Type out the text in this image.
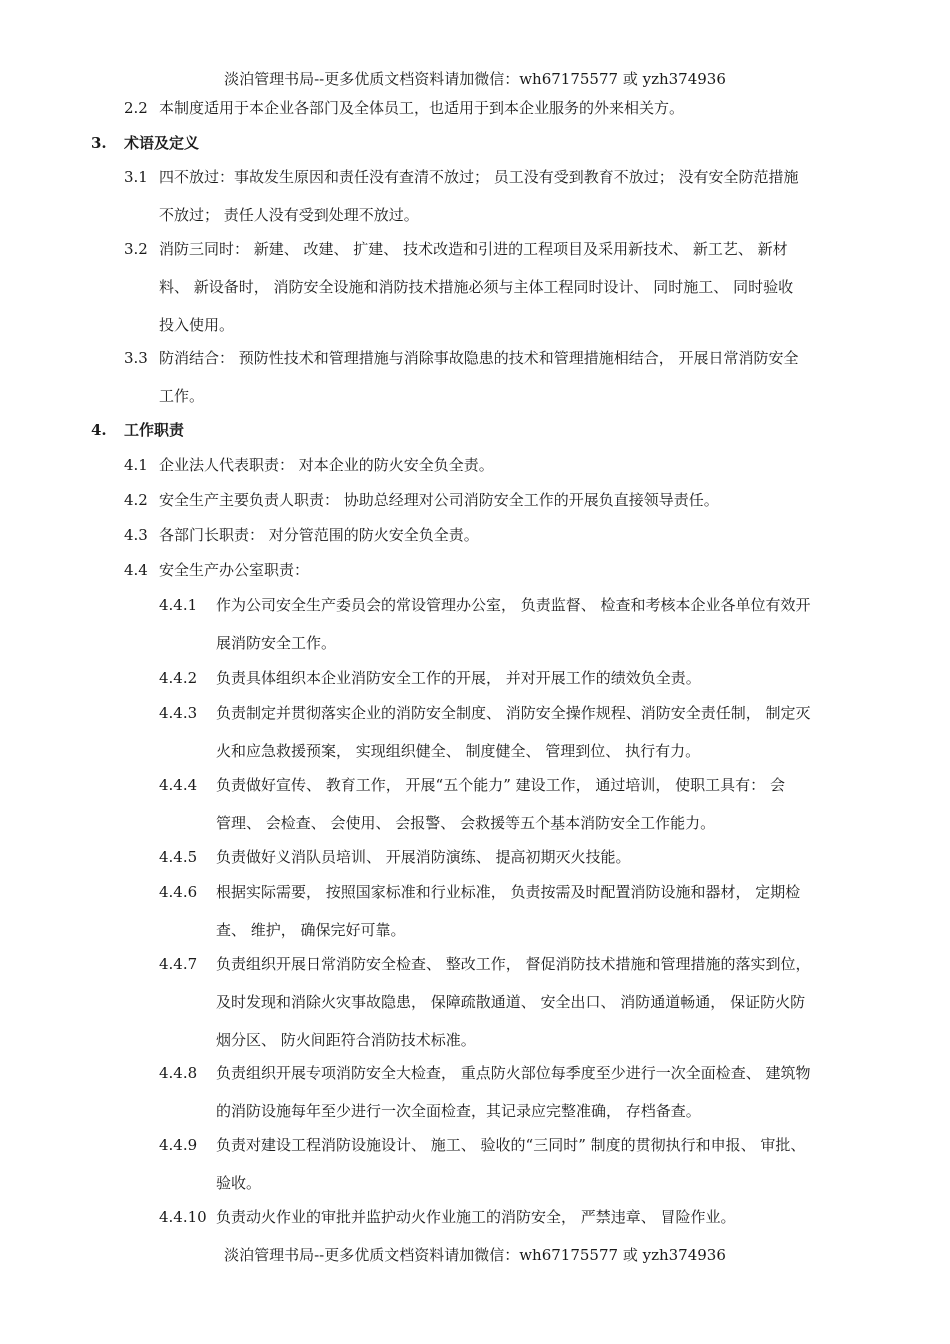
淡泊管理书局--更多优质文档资料请加微信：wh67175577 或 yzh374936
2.2 本制度适用于本企业各部门及全体员工，也适用于到本企业服务的外来相关方。
3. 术语及定义
3.1 四不放过：事故发生原因和责任没有查清不放过； 员工没有受到教育不放过； 没有安全防范措施
不放过； 责任人没有受到处理不放过。
3.2 消防三同时： 新建、 改建、 扩建、 技术改造和引进的工程项目及采用新技术、 新工艺、 新材
料、 新设备时， 消防安全设施和消防技术措施必须与主体工程同时设计、 同时施工、 同时验收
投入使用。
3.3 防消结合： 预防性技术和管理措施与消除事故隐患的技术和管理措施相结合， 开展日常消防安全
工作。
4. 工作职责
4.1 企业法人代表职责： 对本企业的防火安全负全责。
4.2 安全生产主要负责人职责： 协助总经理对公司消防安全工作的开展负直接领导责任。
4.3 各部门长职责： 对分管范围的防火安全负全责。
4.4 安全生产办公室职责：
4.4.1 作为公司安全生产委员会的常设管理办公室， 负责监督、 检查和考核本企业各单位有效开
展消防安全工作。
4.4.2 负责具体组织本企业消防安全工作的开展， 并对开展工作的绩效负全责。
4.4.3 负责制定并贯彻落实企业的消防安全制度、 消防安全操作规程、消防安全责任制， 制定灭
火和应急救援预案， 实现组织健全、 制度健全、 管理到位、 执行有力。
4.4.4 负责做好宣传、 教育工作， 开展“五个能力” 建设工作， 通过培训， 使职工具有： 会
管理、 会检查、 会使用、 会报警、 会救援等五个基本消防安全工作能力。
4.4.5 负责做好义消队员培训、 开展消防演练、 提高初期灭火技能。
4.4.6 根据实际需要， 按照国家标准和行业标准， 负责按需及时配置消防设施和器材， 定期检
查、 维护， 确保完好可靠。
4.4.7 负责组织开展日常消防安全检查、 整改工作， 督促消防技术措施和管理措施的落实到位，
及时发现和消除火灾事故隐患， 保障疏散通道、 安全出口、 消防通道畅通， 保证防火防
烟分区、 防火间距符合消防技术标准。
4.4.8 负责组织开展专项消防安全大检查， 重点防火部位每季度至少进行一次全面检查、 建筑物
的消防设施每年至少进行一次全面检查，其记录应完整准确， 存档备查。
4.4.9 负责对建设工程消防设施设计、 施工、 验收的“三同时” 制度的贯彻执行和申报、 审批、
验收。
4.4.10 负责动火作业的审批并监护动火作业施工的消防安全， 严禁违章、 冒险作业。
淡泊管理书局--更多优质文档资料请加微信：wh67175577 或 yzh374936
